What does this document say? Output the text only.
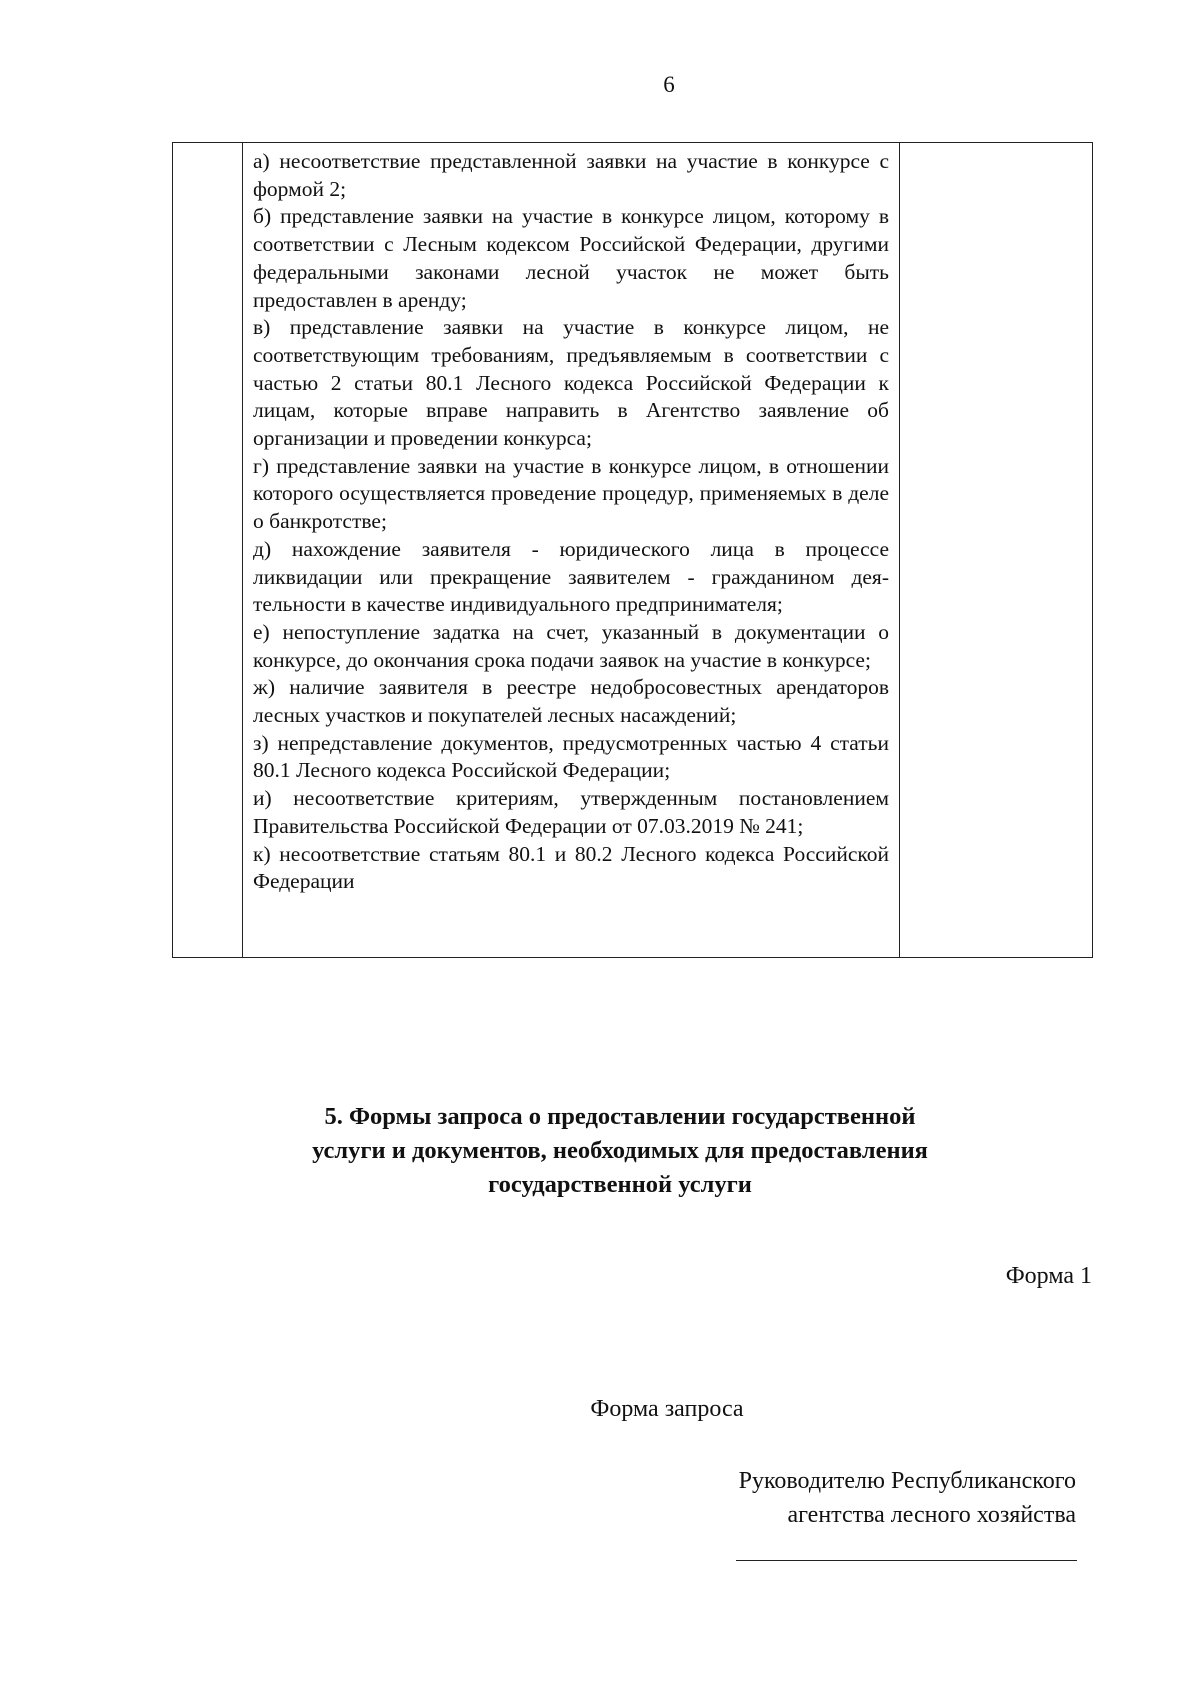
6

а) несоответствие представленной заявки на участие в конкурсе с формой 2;
б) представление заявки на участие в конкурсе лицом, которому в соответствии с Лесным кодексом Российской Федерации, другими федеральными законами лесной участок не может быть предоставлен в аренду;
в) представление заявки на участие в конкурсе лицом, не соответствующим требованиям, предъявляемым в соответствии с частью 2 статьи 80.1 Лесного кодекса Российской Федерации к лицам, которые вправе направить в Агентство заявление об организации и проведении конкурса;
г) представление заявки на участие в конкурсе лицом, в отношении которого осуществляется проведение процедур, применяемых в деле о банкротстве;
д) нахождение заявителя - юридического лица в процессе ликвидации или прекращение заявителем - гражданином деятельности в качестве индивидуального предпринимателя;
е) непоступление задатка на счет, указанный в документации о конкурсе, до окончания срока подачи заявок на участие в конкурсе;
ж) наличие заявителя в реестре недобросовестных арендаторов лесных участков и покупателей лесных насаждений;
з) непредставление документов, предусмотренных частью 4 статьи 80.1 Лесного кодекса Российской Федерации;
и) несоответствие критериям, утвержденным постановлением Правительства Российской Федерации от 07.03.2019 № 241;
к) несоответствие статьям 80.1 и 80.2 Лесного кодекса Российской Федерации

5. Формы запроса о предоставлении государственной
услуги и документов, необходимых для предоставления
государственной услуги
Форма 1
Форма запроса
Руководителю Республиканского
агентства лесного хозяйства
